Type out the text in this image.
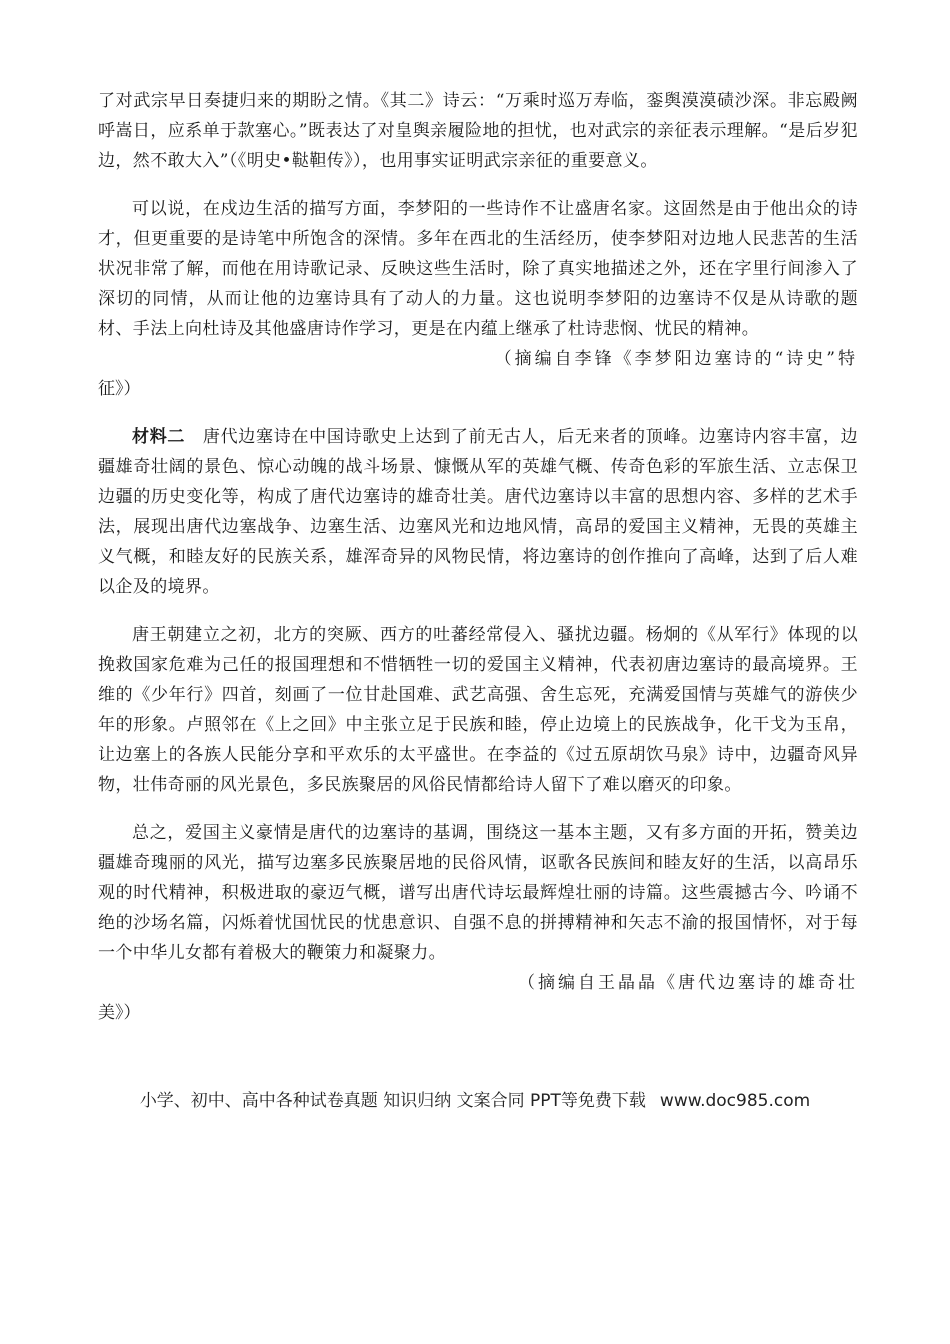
了对武宗早日奏捷归来的期盼之情。《其二》诗云：“万乘时巡万寿临，銮舆漠漠碛沙深。非忘殿阙呼嵩日，应系单于款塞心。”既表达了对皇舆亲履险地的担忧，也对武宗的亲征表示理解。“是后岁犯边，然不敢大入”（《明史•鞑靼传》），也用事实证明武宗亲征的重要意义。

可以说，在戍边生活的描写方面，李梦阳的一些诗作不让盛唐名家。这固然是由于他出众的诗才，但更重要的是诗笔中所饱含的深情。多年在西北的生活经历，使李梦阳对边地人民悲苦的生活状况非常了解，而他在用诗歌记录、反映这些生活时，除了真实地描述之外，还在字里行间渗入了深切的同情，从而让他的边塞诗具有了动人的力量。这也说明李梦阳的边塞诗不仅是从诗歌的题材、手法上向杜诗及其他盛唐诗作学习，更是在内蕴上继承了杜诗悲悯、忧民的精神。

（摘编自李锋《李梦阳边塞诗的“诗史”特
征》）

材料二　 唐代边塞诗在中国诗歌史上达到了前无古人，后无来者的顶峰。边塞诗内容丰富，边疆雄奇壮阔的景色、惊心动魄的战斗场景、慷慨从军的英雄气概、传奇色彩的军旅生活、立志保卫边疆的历史变化等，构成了唐代边塞诗的雄奇壮美。唐代边塞诗以丰富的思想内容、多样的艺术手法，展现出唐代边塞战争、边塞生活、边塞风光和边地风情，高昂的爱国主义精神，无畏的英雄主义气概，和睦友好的民族关系，雄浑奇异的风物民情，将边塞诗的创作推向了高峰，达到了后人难以企及的境界。

唐王朝建立之初，北方的突厥、西方的吐蕃经常侵入、骚扰边疆。杨炯的《从军行》体现的以挽救国家危难为己任的报国理想和不惜牺牲一切的爱国主义精神，代表初唐边塞诗的最高境界。王维的《少年行》四首，刻画了一位甘赴国难、武艺高强、舍生忘死，充满爱国情与英雄气的游侠少年的形象。卢照邻在《上之回》中主张立足于民族和睦，停止边境上的民族战争，化干戈为玉帛，让边塞上的各族人民能分享和平欢乐的太平盛世。在李益的《过五原胡饮马泉》诗中，边疆奇风异物，壮伟奇丽的风光景色，多民族聚居的风俗民情都给诗人留下了难以磨灭的印象。

总之，爱国主义豪情是唐代的边塞诗的基调，围绕这一基本主题，又有多方面的开拓，赞美边疆雄奇瑰丽的风光，描写边塞多民族聚居地的民俗风情，讴歌各民族间和睦友好的生活，以高昂乐观的时代精神，积极进取的豪迈气概，谱写出唐代诗坛最辉煌壮丽的诗篇。这些震撼古今、吟诵不绝的沙场名篇，闪烁着忧国忧民的忧患意识、自强不息的拼搏精神和矢志不渝的报国情怀，对于每一个中华儿女都有着极大的鞭策力和凝聚力。

（摘编自王晶晶《唐代边塞诗的雄奇壮
美》）
小学、初中、高中各种试卷真题 知识归纳 文案合同 PPT等免费下载 www.doc985.com
